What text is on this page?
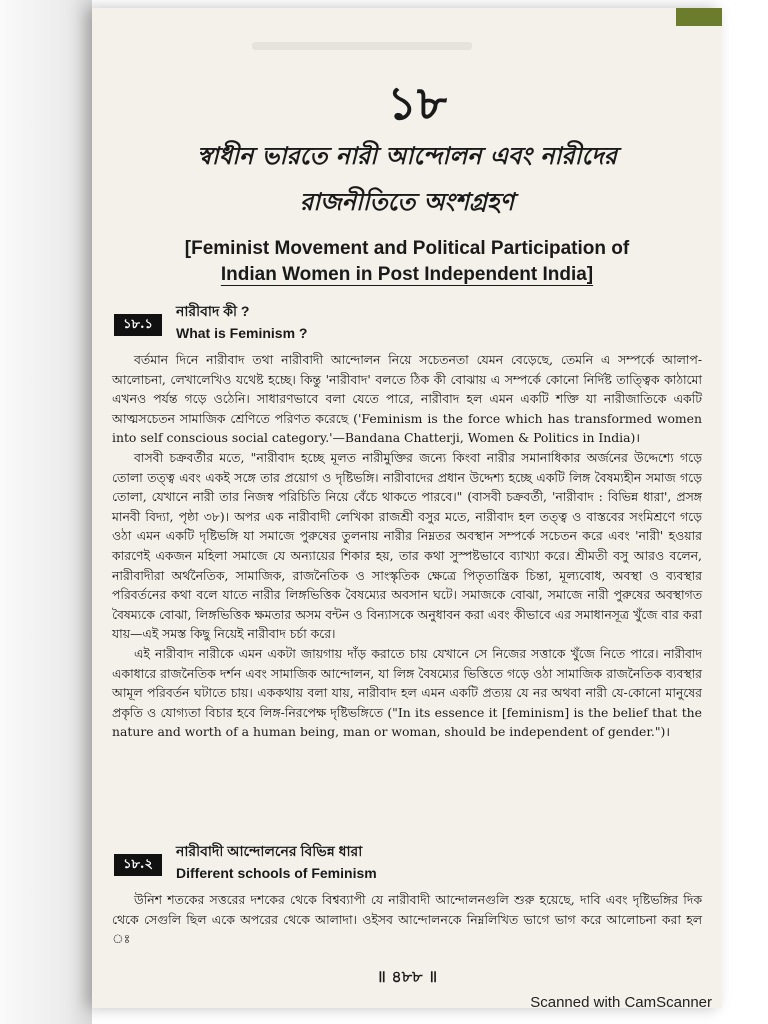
১৮
স্বাধীন ভারতে নারী আন্দোলন এবং নারীদের
রাজনীতিতে অংশগ্রহণ
[Feminist Movement and Political Participation of
Indian Women in Post Independent India]
১৮.১
নারীবাদ কী ?
What is Feminism ?

বর্তমান দিনে নারীবাদ তথা নারীবাদী আন্দোলন নিয়ে সচেতনতা যেমন বেড়েছে, তেমনি এ সম্পর্কে আলাপ-আলোচনা, লেখালেখিও যথেষ্ট হচ্ছে। কিন্তু 'নারীবাদ' বলতে ঠিক কী বোঝায় এ সম্পর্কে কোনো নির্দিষ্ট তাত্ত্বিক কাঠামো এখনও পর্যন্ত গড়ে ওঠেনি। সাধারণভাবে বলা যেতে পারে, নারীবাদ হল এমন একটি শক্তি যা নারীজাতিকে একটি আত্মসচেতন সামাজিক শ্রেণিতে পরিণত করেছে ('Feminism is the force which has transformed women into self conscious social category.'—Bandana Chatterji, Women & Politics in India)।

বাসবী চক্রবর্তীর মতে, "নারীবাদ হচ্ছে মূলত নারীমুক্তির জন্যে কিংবা নারীর সমানাধিকার অর্জনের উদ্দেশ্যে গড়ে তোলা তত্ত্ব এবং একই সঙ্গে তার প্রয়োগ ও দৃষ্টিভঙ্গি। নারীবাদের প্রধান উদ্দেশ্য হচ্ছে একটি লিঙ্গ বৈষম্যহীন সমাজ গড়ে তোলা, যেখানে নারী তার নিজস্ব পরিচিতি নিয়ে বেঁচে থাকতে পারবে।" (বাসবী চক্রবর্তী, 'নারীবাদ : বিভিন্ন ধারা', প্রসঙ্গ মানবী বিদ্যা, পৃষ্ঠা ৩৮)। অপর এক নারীবাদী লেখিকা রাজশ্রী বসুর মতে, নারীবাদ হল তত্ত্ব ও বাস্তবের সংমিশ্রণে গড়ে ওঠা এমন একটি দৃষ্টিভঙ্গি যা সমাজে পুরুষের তুলনায় নারীর নিম্নতর অবস্থান সম্পর্কে সচেতন করে এবং 'নারী' হওয়ার কারণেই একজন মহিলা সমাজে যে অন্যায়ের শিকার হয়, তার কথা সুস্পষ্টভাবে ব্যাখ্যা করে। শ্রীমতী বসু আরও বলেন, নারীবাদীরা অর্থনৈতিক, সামাজিক, রাজনৈতিক ও সাংস্কৃতিক ক্ষেত্রে পিতৃতান্ত্রিক চিন্তা, মূল্যবোধ, অবস্থা ও ব্যবস্থার পরিবর্তনের কথা বলে যাতে নারীর লিঙ্গভিত্তিক বৈষম্যের অবসান ঘটে। সমাজকে বোঝা, সমাজে নারী পুরুষের অবস্থাগত বৈষম্যকে বোঝা, লিঙ্গভিত্তিক ক্ষমতার অসম বন্টন ও বিন্যাসকে অনুধাবন করা এবং কীভাবে এর সমাধানসূত্র খুঁজে বার করা যায়—এই সমস্ত কিছু নিয়েই নারীবাদ চর্চা করে।

এই নারীবাদ নারীকে এমন একটা জায়গায় দাঁড় করাতে চায় যেখানে সে নিজের সত্তাকে খুঁজে নিতে পারে। নারীবাদ একাধারে রাজনৈতিক দর্শন এবং সামাজিক আন্দোলন, যা লিঙ্গ বৈষম্যের ভিত্তিতে গড়ে ওঠা সামাজিক রাজনৈতিক ব্যবস্থার আমূল পরিবর্তন ঘটাতে চায়। এককথায় বলা যায়, নারীবাদ হল এমন একটি প্রত্যয় যে নর অথবা নারী যে-কোনো মানুষের প্রকৃতি ও যোগ্যতা বিচার হবে লিঙ্গ-নিরপেক্ষ দৃষ্টিভঙ্গিতে ("In its essence it [feminism] is the belief that the nature and worth of a human being, man or woman, should be independent of gender.")।

১৮.২
নারীবাদী আন্দোলনের বিভিন্ন ধারা
Different schools of Feminism

উনিশ শতকের সত্তরের দশকের থেকে বিশ্বব্যাপী যে নারীবাদী আন্দোলনগুলি শুরু হয়েছে, দাবি এবং দৃষ্টিভঙ্গির দিক থেকে সেগুলি ছিল একে অপরের থেকে আলাদা। ওইসব আন্দোলনকে নিম্নলিখিত ভাগে ভাগ করে আলোচনা করা হল ঃ

॥ ৪৮৮ ॥
Scanned with CamScanner
